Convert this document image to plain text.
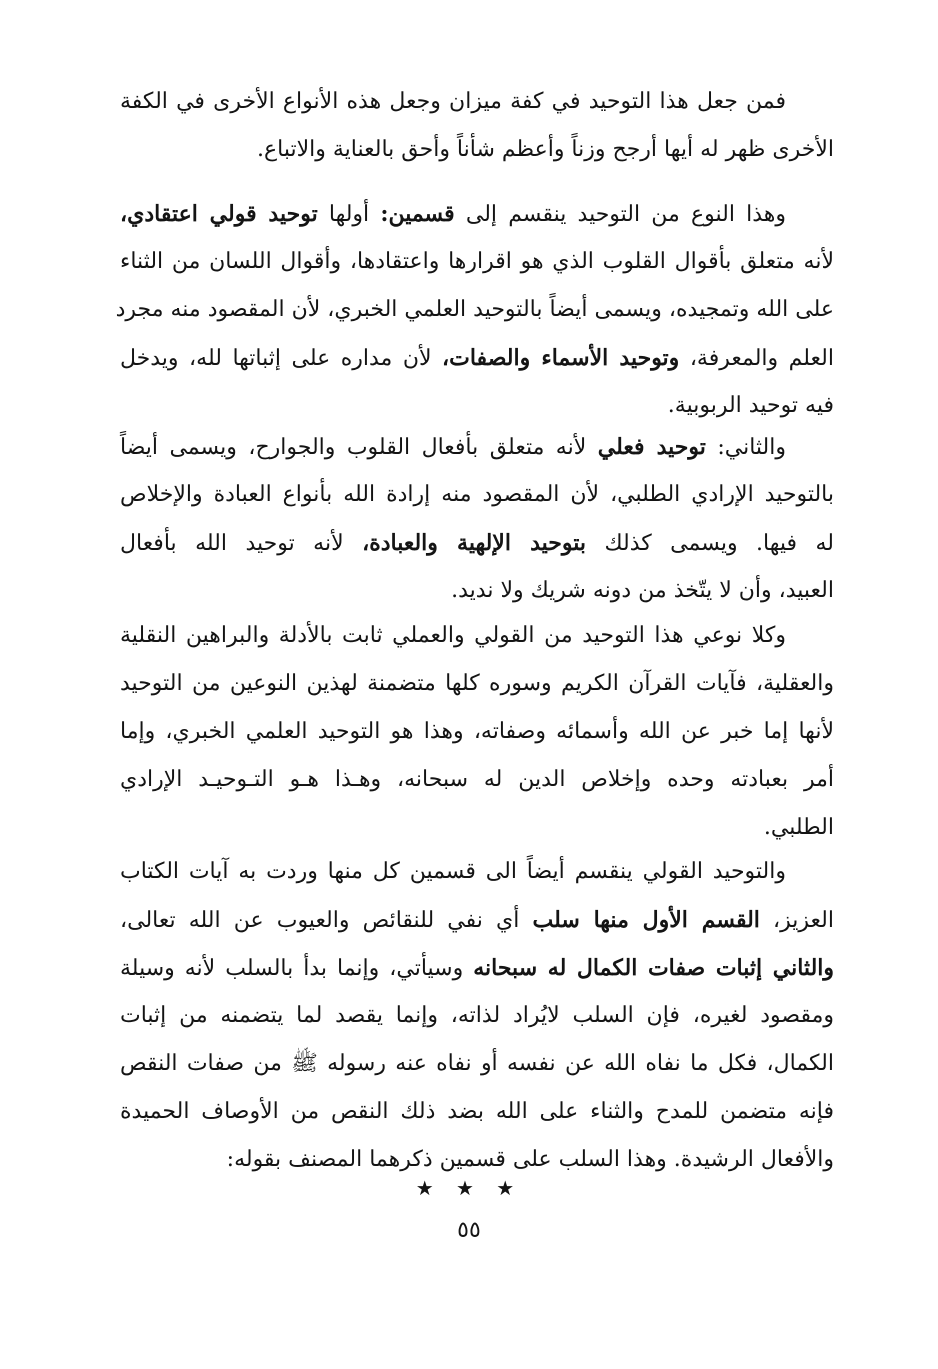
فمن جعل هذا التوحيد في كفة ميزان وجعل هذه الأنواع الأخرى في الكفة
الأخرى ظهر له أيها أرجح وزناً وأعظم شأناً وأحق بالعناية والاتباع.
وهذا النوع من التوحيد ينقسم إلى قسمين: أولها توحيد قولي اعتقادي،
لأنه متعلق بأقوال القلوب الذي هو اقرارها واعتقادها، وأقوال اللسان من الثناء
على الله وتمجيده، ويسمى أيضاً بالتوحيد العلمي الخبري، لأن المقصود منه مجرد
العلم والمعرفة، وتوحيد الأسماء والصفات، لأن مداره على إثباتها لله، ويدخل
فيه توحيد الربوبية.
والثاني: توحيد فعلي لأنه متعلق بأفعال القلوب والجوارح، ويسمى أيضاً
بالتوحيد الإرادي الطلبي، لأن المقصود منه إرادة الله بأنواع العبادة والإخلاص
له فيها. ويسمى كذلك بتوحيد الإلهية والعبادة، لأنه توحيد الله بأفعال
العبيد، وأن لا يتّخذ من دونه شريك ولا نديد.
وكلا نوعي هذا التوحيد من القولي والعملي ثابت بالأدلة والبراهين النقلية
والعقلية، فآيات القرآن الكريم وسوره كلها متضمنة لهذين النوعين من التوحيد
لأنها إما خبر عن الله وأسمائه وصفاته، وهذا هو التوحيد العلمي الخبري، وإما
أمر بعبادته وحده وإخلاص الدين له سبحانه، وهـذا هـو التـوحيـد الإرادي
الطلبي.
والتوحيد القولي ينقسم أيضاً الى قسمين كل منها وردت به آيات الكتاب
العزيز، القسم الأول منها سلب أي نفي للنقائص والعيوب عن الله تعالى،
والثاني إثبات صفات الكمال له سبحانه وسيأتي، وإنما بدأ بالسلب لأنه وسيلة
ومقصود لغيره، فإن السلب لايُراد لذاته، وإنما يقصد لما يتضمنه من إثبات
الكمال، فكل ما نفاه الله عن نفسه أو نفاه عنه رسوله ﷺ من صفات النقص
فإنه متضمن للمدح والثناء على الله بضد ذلك النقص من الأوصاف الحميدة
والأفعال الرشيدة. وهذا السلب على قسمين ذكرهما المصنف بقوله:
★ ★ ★
٥٥
